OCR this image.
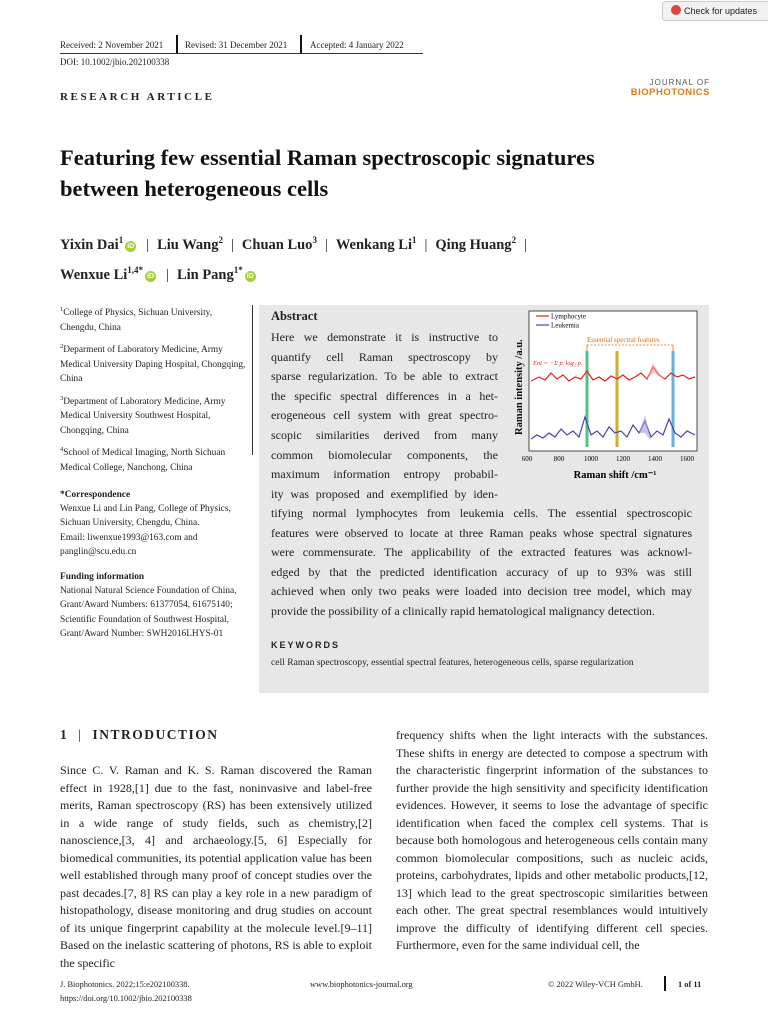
Received: 2 November 2021 Revised: 31 December 2021	Accepted: 4 January 2022
DOI: 10.1002/jbio.202100338
Check for updates
JOURNAL OF
BIOPHOTONICS
RESEARCH ARTICLE
Featuring few essential Raman spectroscopic signatures
between heterogeneous cells
Yixin Dai$^1$iD | Liu Wang$^2$ | Chuan Luo$^3$ | Wenkang Li$^1$ | Qing Huang$^2$ |
Wenxue $Li^{1,4*}iD$ | Lin Pang$^{1*}$iD

$^1$College of Physics, Sichuan University, Chengdu, China

$^2$Deparment of Laboratory Medicine, Army Medical University Daping Hospital, Chongqing, China

$^3$Department of Laboratory Medicine, Army Medical University Southwest Hospital, Chongqing, China

$^4$School of Medical Imaging, North Sichuan Medical College, Nanchong, China

*Correspondence

Wenxue Li and Lin Pang, College of Physics, Sichuan University, Chengdu, China.

Email: liwenxue1993@163.com and panglin@scu.edu.cn

Funding information

National Natural Science Foundation of China, Grant/Award Numbers: 61377054, 61675140; Scientific Foundation of Southwest Hospital, Grant/Award Number: SWH2016LHYS-01

Abstract
Here we demonstrate it is instructive to
quantify cell Raman spectroscopy by
sparse regularization. To be able to extract
the specific spectral differences in a het-
erogeneous cell system with great spectro-
scopic similarities derived from many
common biomolecular components, the
maximum information entropy probabil-
ity was proposed and exemplified by iden-
tifying normal lymphocytes from leukemia cells. The essential spectroscopic
features were observed to locate at three Raman peaks whose spectral signatures
were commensurate. The applicability of the extracted features was acknowl-
edged by that the predicted identification accuracy of up to 93% was still
achieved when only two peaks were loaded into decision tree model, which may
provide the possibility of a clinically rapid hematological malignancy detection.
KEYWORDS
cell Raman spectroscopy, essential spectral features, heterogeneous cells, sparse regularization
Raman intensity /a.u.
Lymphocyte
Leukemia
Essential spectral features
Ent = −Σ pᵢ log₂ pᵢ
600	800	1000	1200	1400	1600
Raman shift /cm⁻¹
1 | INTRODUCTION
Since C. V. Raman and K. S. Raman discovered the Raman effect in 1928,[1] due to the fast, noninvasive and label-free merits, Raman spectroscopy (RS) has been extensively utilized in a wide range of study fields, such as chemistry,[2] nanoscience,[3, 4] and archaeology.[5, 6] Especially for biomedical communities, its potential application value has been well established through many proof of concept studies over the past decades.[7, 8] RS can play a key role in a new paradigm of histopathology, disease monitoring and drug studies on account of its unique fingerprint capability at the molecule level.[9–11] Based on the inelastic scattering of photons, RS is able to exploit the specific
frequency shifts when the light interacts with the substances. These shifts in energy are detected to compose a spectrum with the characteristic fingerprint information of the substances to further provide the high sensitivity and specificity identification evidences. However, it seems to lose the advantage of specific identification when faced the complex cell systems. That is because both homologous and heterogeneous cells contain many common biomolecular compositions, such as nucleic acids, proteins, carbohydrates, lipids and other metabolic products,[12, 13] which lead to the great spectroscopic similarities between each other. The great spectral resemblances would intuitively improve the difficulty of identifying different cell species. Furthermore, even for the same individual cell, the
J. Biophotonics. 2022;15:e202100338.
https://doi.org/10.1002/jbio.202100338
www.biophotonics-journal.org	© 2022 Wiley-VCH GmbH.	1 of 11
